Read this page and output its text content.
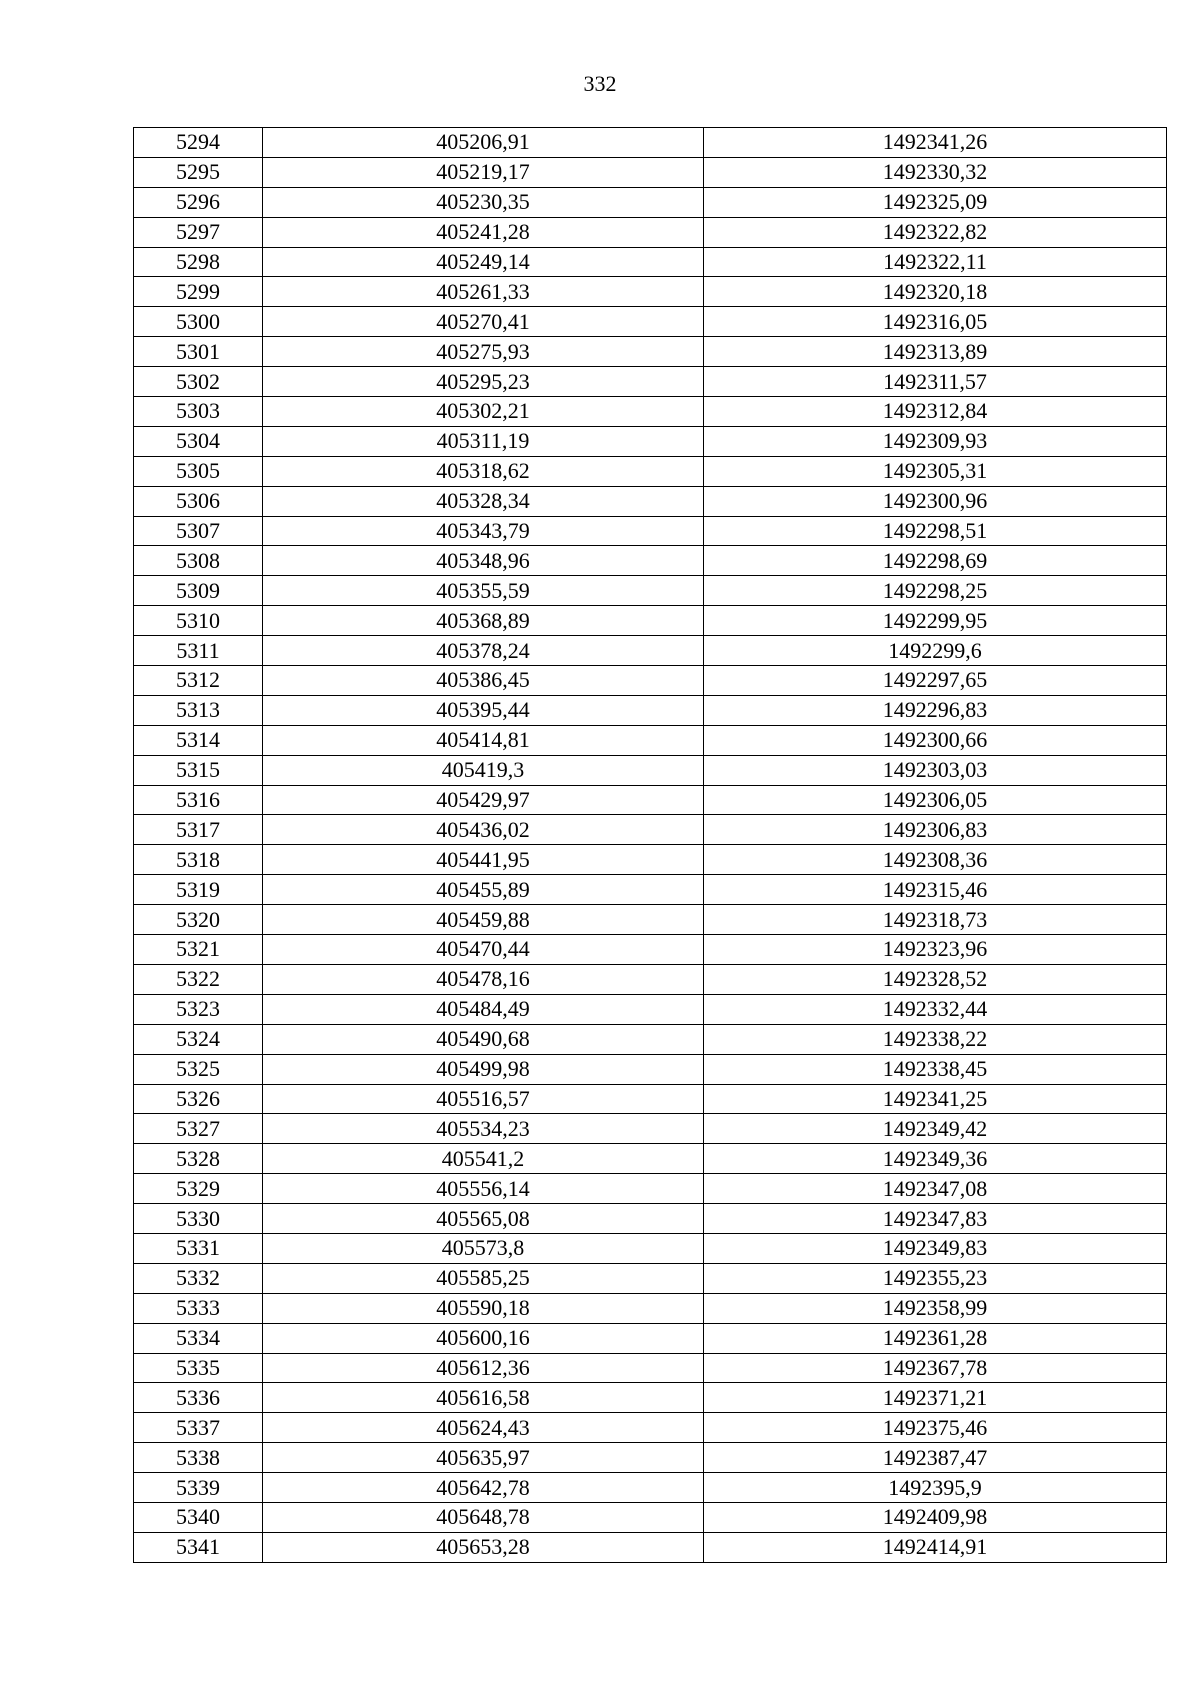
332
5294	405206,91	1492341,26
5295	405219,17	1492330,32
5296	405230,35	1492325,09
5297	405241,28	1492322,82
5298	405249,14	1492322,11
5299	405261,33	1492320,18
5300	405270,41	1492316,05
5301	405275,93	1492313,89
5302	405295,23	1492311,57
5303	405302,21	1492312,84
5304	405311,19	1492309,93
5305	405318,62	1492305,31
5306	405328,34	1492300,96
5307	405343,79	1492298,51
5308	405348,96	1492298,69
5309	405355,59	1492298,25
5310	405368,89	1492299,95
5311	405378,24	1492299,6
5312	405386,45	1492297,65
5313	405395,44	1492296,83
5314	405414,81	1492300,66
5315	405419,3	1492303,03
5316	405429,97	1492306,05
5317	405436,02	1492306,83
5318	405441,95	1492308,36
5319	405455,89	1492315,46
5320	405459,88	1492318,73
5321	405470,44	1492323,96
5322	405478,16	1492328,52
5323	405484,49	1492332,44
5324	405490,68	1492338,22
5325	405499,98	1492338,45
5326	405516,57	1492341,25
5327	405534,23	1492349,42
5328	405541,2	1492349,36
5329	405556,14	1492347,08
5330	405565,08	1492347,83
5331	405573,8	1492349,83
5332	405585,25	1492355,23
5333	405590,18	1492358,99
5334	405600,16	1492361,28
5335	405612,36	1492367,78
5336	405616,58	1492371,21
5337	405624,43	1492375,46
5338	405635,97	1492387,47
5339	405642,78	1492395,9
5340	405648,78	1492409,98
5341	405653,28	1492414,91
